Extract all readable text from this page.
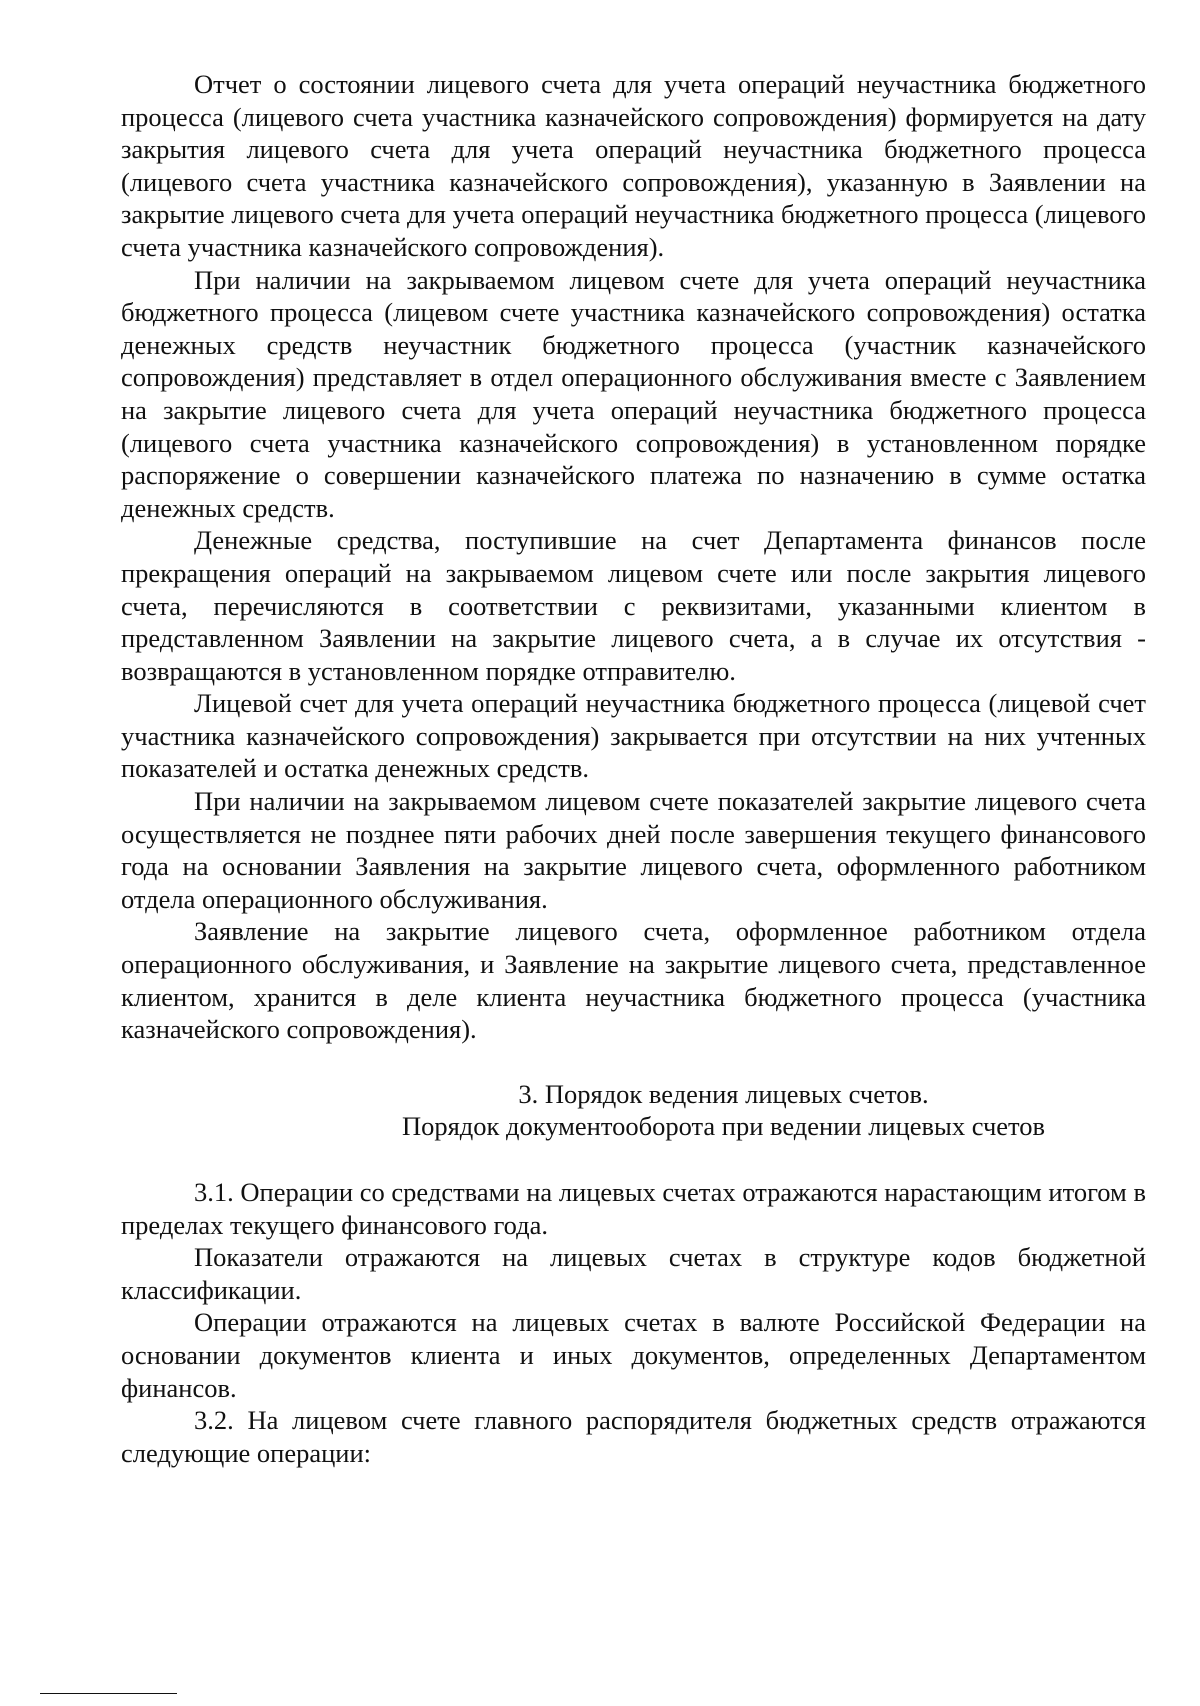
Отчет о состоянии лицевого счета для учета операций неучастника бюджетного процесса (лицевого счета участника казначейского сопровождения) формируется на дату закрытия лицевого счета для учета операций неучастника бюджетного процесса (лицевого счета участника казначейского сопровождения), указанную в Заявлении на закрытие лицевого счета для учета операций неучастника бюджетного процесса (лицевого счета участника казначейского сопровождения).

При наличии на закрываемом лицевом счете для учета операций неучастника бюджетного процесса (лицевом счете участника казначейского сопровождения) остатка денежных средств неучастник бюджетного процесса (участник казначейского сопровождения) представляет в отдел операционного обслуживания вместе с Заявлением на закрытие лицевого счета для учета операций неучастника бюджетного процесса (лицевого счета участника казначейского сопровождения) в установленном порядке распоряжение о совершении казначейского платежа по назначению в сумме остатка денежных средств.

Денежные средства, поступившие на счет Департамента финансов после прекращения операций на закрываемом лицевом счете или после закрытия лицевого счета, перечисляются в соответствии с реквизитами, указанными клиентом в представленном Заявлении на закрытие лицевого счета, а в случае их отсутствия - возвращаются в установленном порядке отправителю.

Лицевой счет для учета операций неучастника бюджетного процесса (лицевой счет участника казначейского сопровождения) закрывается при отсутствии на них учтенных показателей и остатка денежных средств.

При наличии на закрываемом лицевом счете показателей закрытие лицевого счета осуществляется не позднее пяти рабочих дней после завершения текущего финансового года на основании Заявления на закрытие лицевого счета, оформленного работником отдела операционного обслуживания.

Заявление на закрытие лицевого счета, оформленное работником отдела операционного обслуживания, и Заявление на закрытие лицевого счета, представленное клиентом, хранится в деле клиента неучастника бюджетного процесса (участника казначейского сопровождения).

3. Порядок ведения лицевых счетов.
Порядок документооборота при ведении лицевых счетов

3.1. Операции со средствами на лицевых счетах отражаются нарастающим итогом в пределах текущего финансового года.

Показатели отражаются на лицевых счетах в структуре кодов бюджетной классификации.

Операции отражаются на лицевых счетах в валюте Российской Федерации на основании документов клиента и иных документов, определенных Департаментом финансов.

3.2. На лицевом счете главного распорядителя бюджетных средств отражаются следующие операции:
